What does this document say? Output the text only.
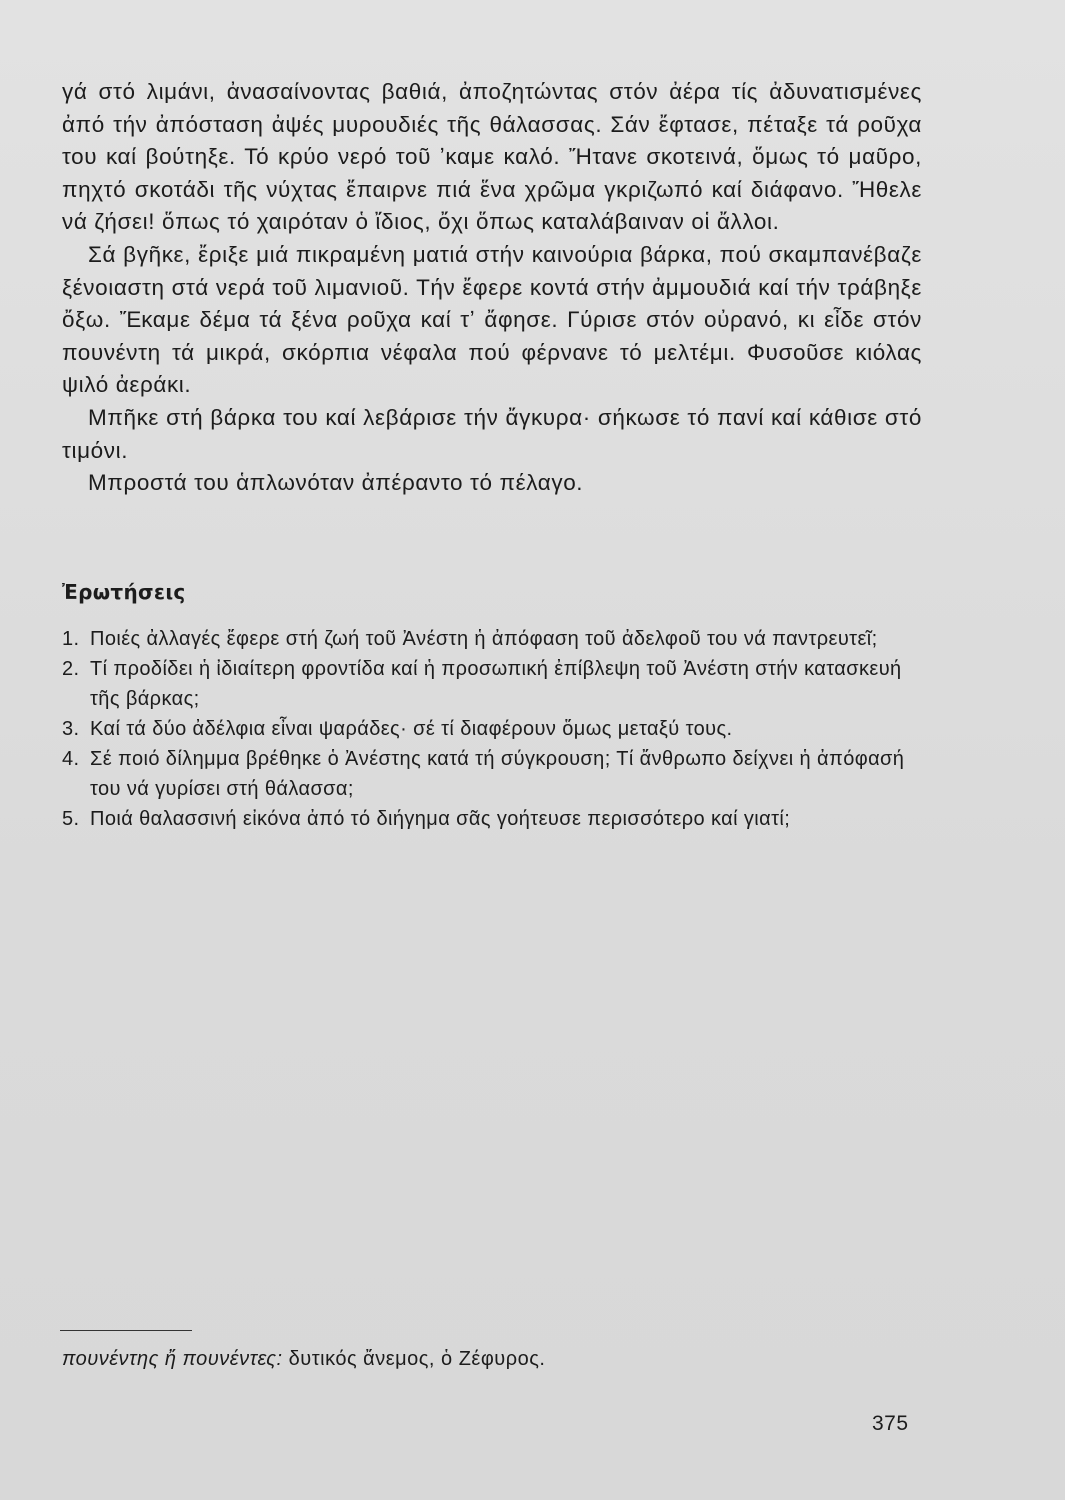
γά στό λιμάνι, ἀνασαίνοντας βαθιά, ἀποζητώντας στόν ἀέρα τίς ἀδυνατισμένες ἀπό τήν ἀπόσταση ἀψές μυρουδιές τῆς θάλασσας. Σάν ἔφτασε, πέταξε τά ροῦχα του καί βούτηξε. Τό κρύο νερό τοῦ ʼκαμε καλό. Ἤτανε σκοτεινά, ὅμως τό μαῦρο, πηχτό σκοτάδι τῆς νύχτας ἔπαιρνε πιά ἕνα χρῶμα γκριζωπό καί διάφανο. Ἤθελε νά ζήσει! ὅπως τό χαιρόταν ὁ ἴδιος, ὄχι ὅπως καταλάβαιναν οἱ ἄλλοι.

Σά βγῆκε, ἔριξε μιά πικραμένη ματιά στήν καινούρια βάρκα, πού σκαμπανέβαζε ξένοιαστη στά νερά τοῦ λιμανιοῦ. Τήν ἔφερε κοντά στήν ἀμμουδιά καί τήν τράβηξε ὄξω. Ἔκαμε δέμα τά ξένα ροῦχα καί τʼ ἄφησε. Γύρισε στόν οὐρανό, κι εἶδε στόν πουνέντη τά μικρά, σκόρπια νέφαλα πού φέρνανε τό μελτέμι. Φυσοῦσε κιόλας ψιλό ἀεράκι.

Μπῆκε στή βάρκα του καί λεβάρισε τήν ἄγκυρα· σήκωσε τό πανί καί κάθισε στό τιμόνι.

Μπροστά του ἁπλωνόταν ἀπέραντο τό πέλαγο.

Ἐρωτήσεις
1. Ποιές ἀλλαγές ἔφερε στή ζωή τοῦ Ἀνέστη ἡ ἀπόφαση τοῦ ἀδελφοῦ του νά παντρευτεῖ;
2. Τί προδίδει ἡ ἰδιαίτερη φροντίδα καί ἡ προσωπική ἐπίβλεψη τοῦ Ἀνέστη στήν κατασκευή τῆς βάρκας;
3. Καί τά δύο ἀδέλφια εἶναι ψαράδες· σέ τί διαφέρουν ὅμως μεταξύ τους.
4. Σέ ποιό δίλημμα βρέθηκε ὁ Ἀνέστης κατά τή σύγκρουση; Τί ἄνθρωπο δείχνει ἡ ἀπόφασή του νά γυρίσει στή θάλασσα;
5. Ποιά θαλασσινή εἰκόνα ἀπό τό διήγημα σᾶς γοήτευσε περισσότερο καί γιατί;

πουνέντης ἤ πουνέντες: δυτικός ἄνεμος, ὁ Ζέφυρος.

375
